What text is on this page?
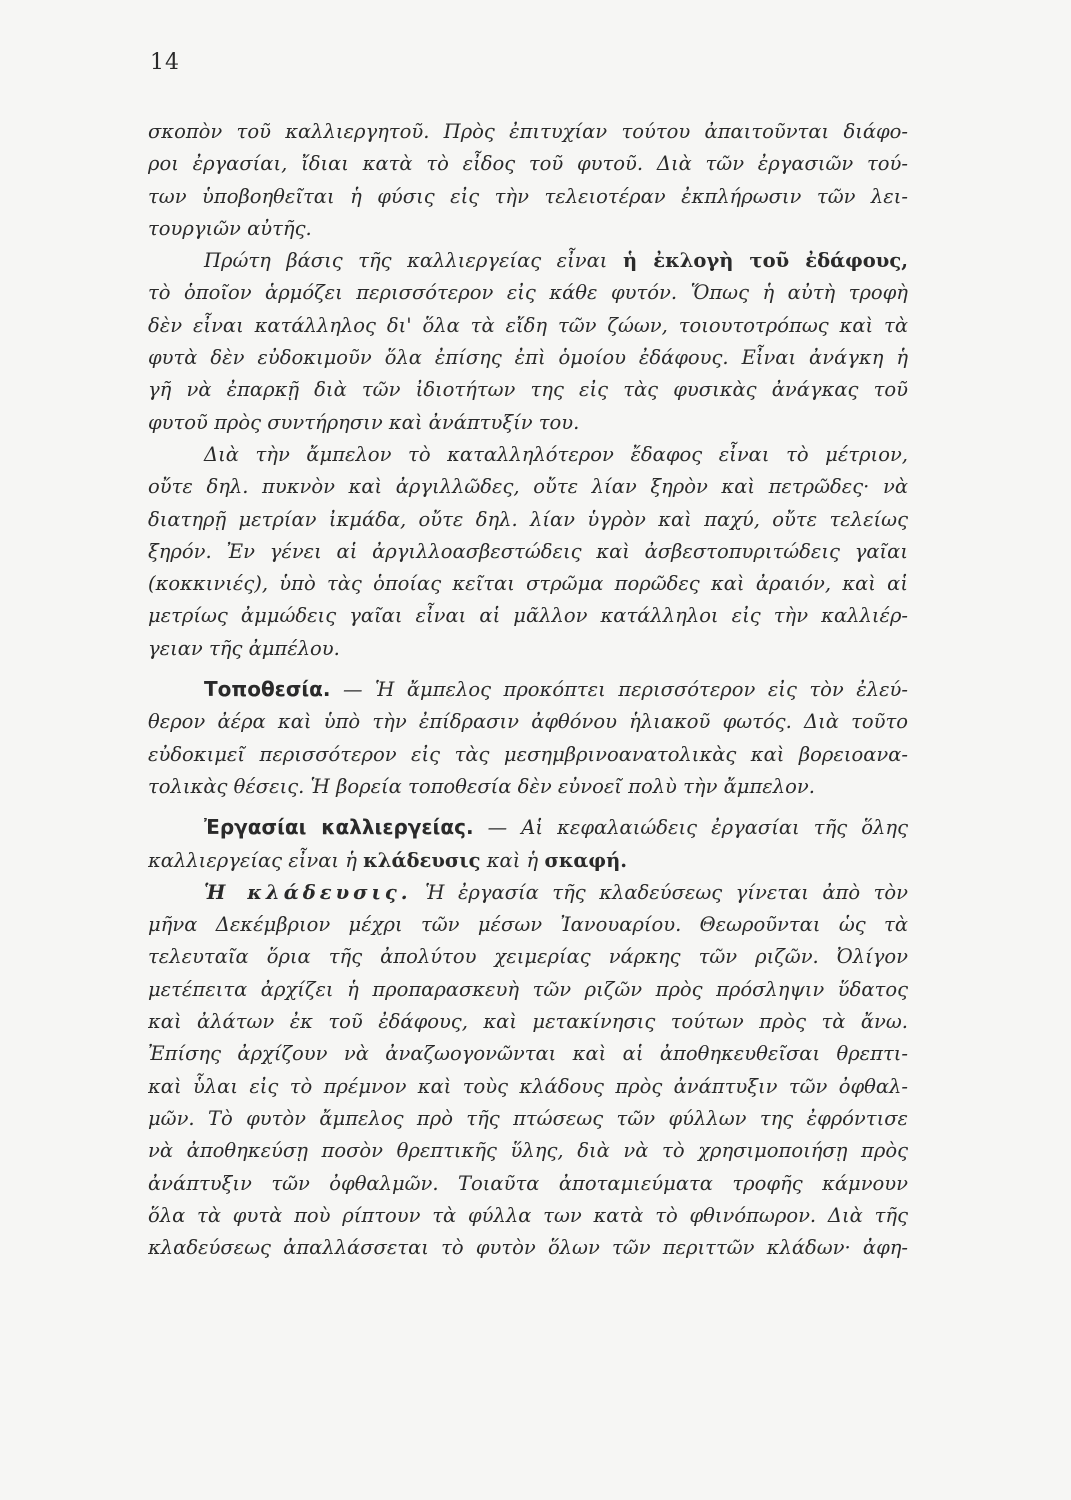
14
σκοπὸν τοῦ καλλιεργητοῦ. Πρὸς ἐπιτυχίαν τούτου ἀπαιτοῦνται διάφο-
ροι ἐργασίαι, ἴδιαι κατὰ τὸ εἶδος τοῦ φυτοῦ. Διὰ τῶν ἐργασιῶν τού-
των ὑποβοηθεῖται ἡ φύσις εἰς τὴν τελειοτέραν ἐκπλήρωσιν τῶν λει-
τουργιῶν αὐτῆς.
Πρώτη βάσις τῆς καλλιεργείας εἶναι ἡ ἐκλογὴ τοῦ ἐδάφους,
τὸ ὁποῖον ἁρμόζει περισσότερον εἰς κάθε φυτόν. Ὅπως ἡ αὐτὴ τροφὴ
δὲν εἶναι κατάλληλος δι' ὅλα τὰ εἴδη τῶν ζώων, τοιουτοτρόπως καὶ τὰ
φυτὰ δὲν εὐδοκιμοῦν ὅλα ἐπίσης ἐπὶ ὁμοίου ἐδάφους. Εἶναι ἀνάγκη ἡ
γῆ νὰ ἐπαρκῇ διὰ τῶν ἰδιοτήτων της εἰς τὰς φυσικὰς ἀνάγκας τοῦ
φυτοῦ πρὸς συντήρησιν καὶ ἀνάπτυξίν του.
Διὰ τὴν ἄμπελον τὸ καταλληλότερον ἔδαφος εἶναι τὸ μέτριον,
οὔτε δηλ. πυκνὸν καὶ ἀργιλλῶδες, οὔτε λίαν ξηρὸν καὶ πετρῶδες· νὰ
διατηρῇ μετρίαν ἰκμάδα, οὔτε δηλ. λίαν ὑγρὸν καὶ παχύ, οὔτε τελείως
ξηρόν. Ἐν γένει αἱ ἀργιλλοασβεστώδεις καὶ ἀσβεστοπυριτώδεις γαῖαι
(κοκκινιές), ὑπὸ τὰς ὁποίας κεῖται στρῶμα πορῶδες καὶ ἀραιόν, καὶ αἱ
μετρίως ἀμμώδεις γαῖαι εἶναι αἱ μᾶλλον κατάλληλοι εἰς τὴν καλλιέρ-
γειαν τῆς ἀμπέλου.
Τοποθεσία. — Ἡ ἄμπελος προκόπτει περισσότερον εἰς τὸν ἐλεύ-
θερον ἀέρα καὶ ὑπὸ τὴν ἐπίδρασιν ἀφθόνου ἡλιακοῦ φωτός. Διὰ τοῦτο
εὐδοκιμεῖ περισσότερον εἰς τὰς μεσημβρινοανατολικὰς καὶ βορειοανα-
τολικὰς θέσεις. Ἡ βορεία τοποθεσία δὲν εὐνοεῖ πολὺ τὴν ἄμπελον.
Ἐργασίαι καλλιεργείας. — Αἱ κεφαλαιώδεις ἐργασίαι τῆς ὅλης
καλλιεργείας εἶναι ἡ κλάδευσις καὶ ἡ σκαφή.
Ἡ κλάδευσις. Ἡ ἐργασία τῆς κλαδεύσεως γίνεται ἀπὸ τὸν
μῆνα Δεκέμβριον μέχρι τῶν μέσων Ἰανουαρίου. Θεωροῦνται ὡς τὰ
τελευταῖα ὅρια τῆς ἀπολύτου χειμερίας νάρκης τῶν ριζῶν. Ὀλίγον
μετέπειτα ἀρχίζει ἡ προπαρασκευὴ τῶν ριζῶν πρὸς πρόσληψιν ὕδατος
καὶ ἀλάτων ἐκ τοῦ ἐδάφους, καὶ μετακίνησις τούτων πρὸς τὰ ἄνω.
Ἐπίσης ἀρχίζουν νὰ ἀναζωογονῶνται καὶ αἱ ἀποθηκευθεῖσαι θρεπτι-
καὶ ὗλαι εἰς τὸ πρέμνον καὶ τοὺς κλάδους πρὸς ἀνάπτυξιν τῶν ὀφθαλ-
μῶν. Τὸ φυτὸν ἄμπελος πρὸ τῆς πτώσεως τῶν φύλλων της ἐφρόντισε
νὰ ἀποθηκεύσῃ ποσὸν θρεπτικῆς ὕλης, διὰ νὰ τὸ χρησιμοποιήσῃ πρὸς
ἀνάπτυξιν τῶν ὀφθαλμῶν. Τοιαῦτα ἀποταμιεύματα τροφῆς κάμνουν
ὅλα τὰ φυτὰ ποὺ ρίπτουν τὰ φύλλα των κατὰ τὸ φθινόπωρον. Διὰ τῆς
κλαδεύσεως ἀπαλλάσσεται τὸ φυτὸν ὅλων τῶν περιττῶν κλάδων· ἀφη-
